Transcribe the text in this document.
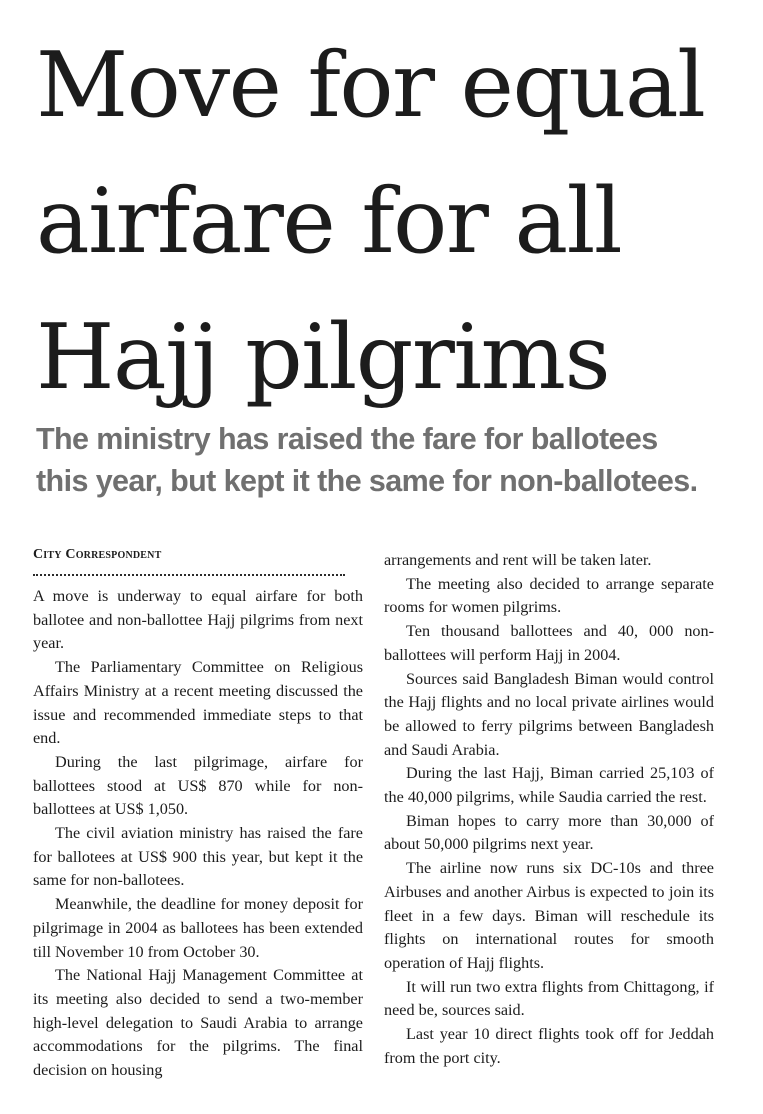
Move for equal
airfare for all
Hajj pilgrims
The ministry has raised the fare for ballotees
this year, but kept it the same for non-ballotees.
City Correspondent

A move is underway to equal airfare for both ballotee and non-ballottee Hajj pilgrims from next year.

The Parliamentary Committee on Religious Affairs Ministry at a recent meeting discussed the issue and recommended immediate steps to that end.

During the last pilgrimage, airfare for ballottees stood at US$ 870 while for non-ballottees at US$ 1,050.

The civil aviation ministry has raised the fare for ballotees at US$ 900 this year, but kept it the same for non-ballotees.

Meanwhile, the deadline for money deposit for pilgrimage in 2004 as ballotees has been extended till November 10 from October 30.

The National Hajj Management Committee at its meeting also decided to send a two-member high-level delegation to Saudi Arabia to arrange accommodations for the pilgrims. The final decision on housing

arrangements and rent will be taken later.

The meeting also decided to arrange separate rooms for women pilgrims.

Ten thousand ballottees and 40, 000 non-ballottees will perform Hajj in 2004.

Sources said Bangladesh Biman would control the Hajj flights and no local private airlines would be allowed to ferry pilgrims between Bangladesh and Saudi Arabia.

During the last Hajj, Biman carried 25,103 of the 40,000 pilgrims, while Saudia carried the rest.

Biman hopes to carry more than 30,000 of about 50,000 pilgrims next year.

The airline now runs six DC-10s and three Airbuses and another Airbus is expected to join its fleet in a few days. Biman will reschedule its flights on international routes for smooth operation of Hajj flights.

It will run two extra flights from Chittagong, if need be, sources said.

Last year 10 direct flights took off for Jeddah from the port city.
